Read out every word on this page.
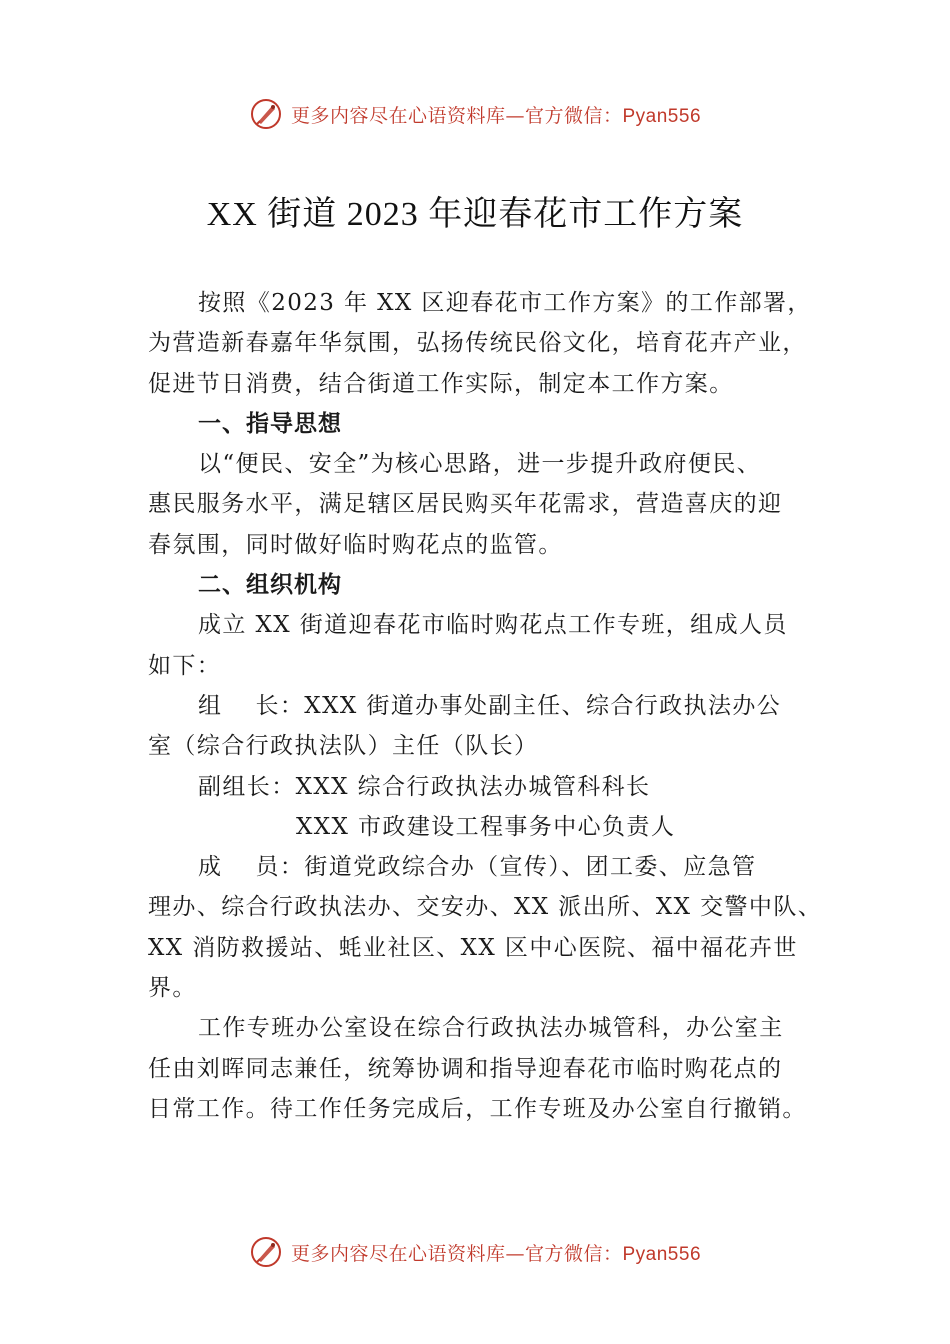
更多内容尽在心语资料库—官方微信：Pyan556
XX 街道 2023 年迎春花市工作方案
按照《2023 年 XX 区迎春花市工作方案》的工作部署，
为营造新春嘉年华氛围，弘扬传统民俗文化，培育花卉产业，
促进节日消费，结合街道工作实际，制定本工作方案。
一、指导思想
以“便民、安全”为核心思路，进一步提升政府便民、
惠民服务水平，满足辖区居民购买年花需求，营造喜庆的迎
春氛围，同时做好临时购花点的监管。
二、组织机构
成立 XX 街道迎春花市临时购花点工作专班，组成人员
如下：
组　 长：XXX 街道办事处副主任、综合行政执法办公
室（综合行政执法队）主任（队长）
副组长：XXX 综合行政执法办城管科科长
XXX 市政建设工程事务中心负责人
成　 员：街道党政综合办（宣传）、团工委、应急管
理办、综合行政执法办、交安办、XX 派出所、XX 交警中队、
XX 消防救援站、蚝业社区、XX 区中心医院、福中福花卉世
界。
工作专班办公室设在综合行政执法办城管科，办公室主
任由刘晖同志兼任，统筹协调和指导迎春花市临时购花点的
日常工作。待工作任务完成后，工作专班及办公室自行撤销。
更多内容尽在心语资料库—官方微信：Pyan556
